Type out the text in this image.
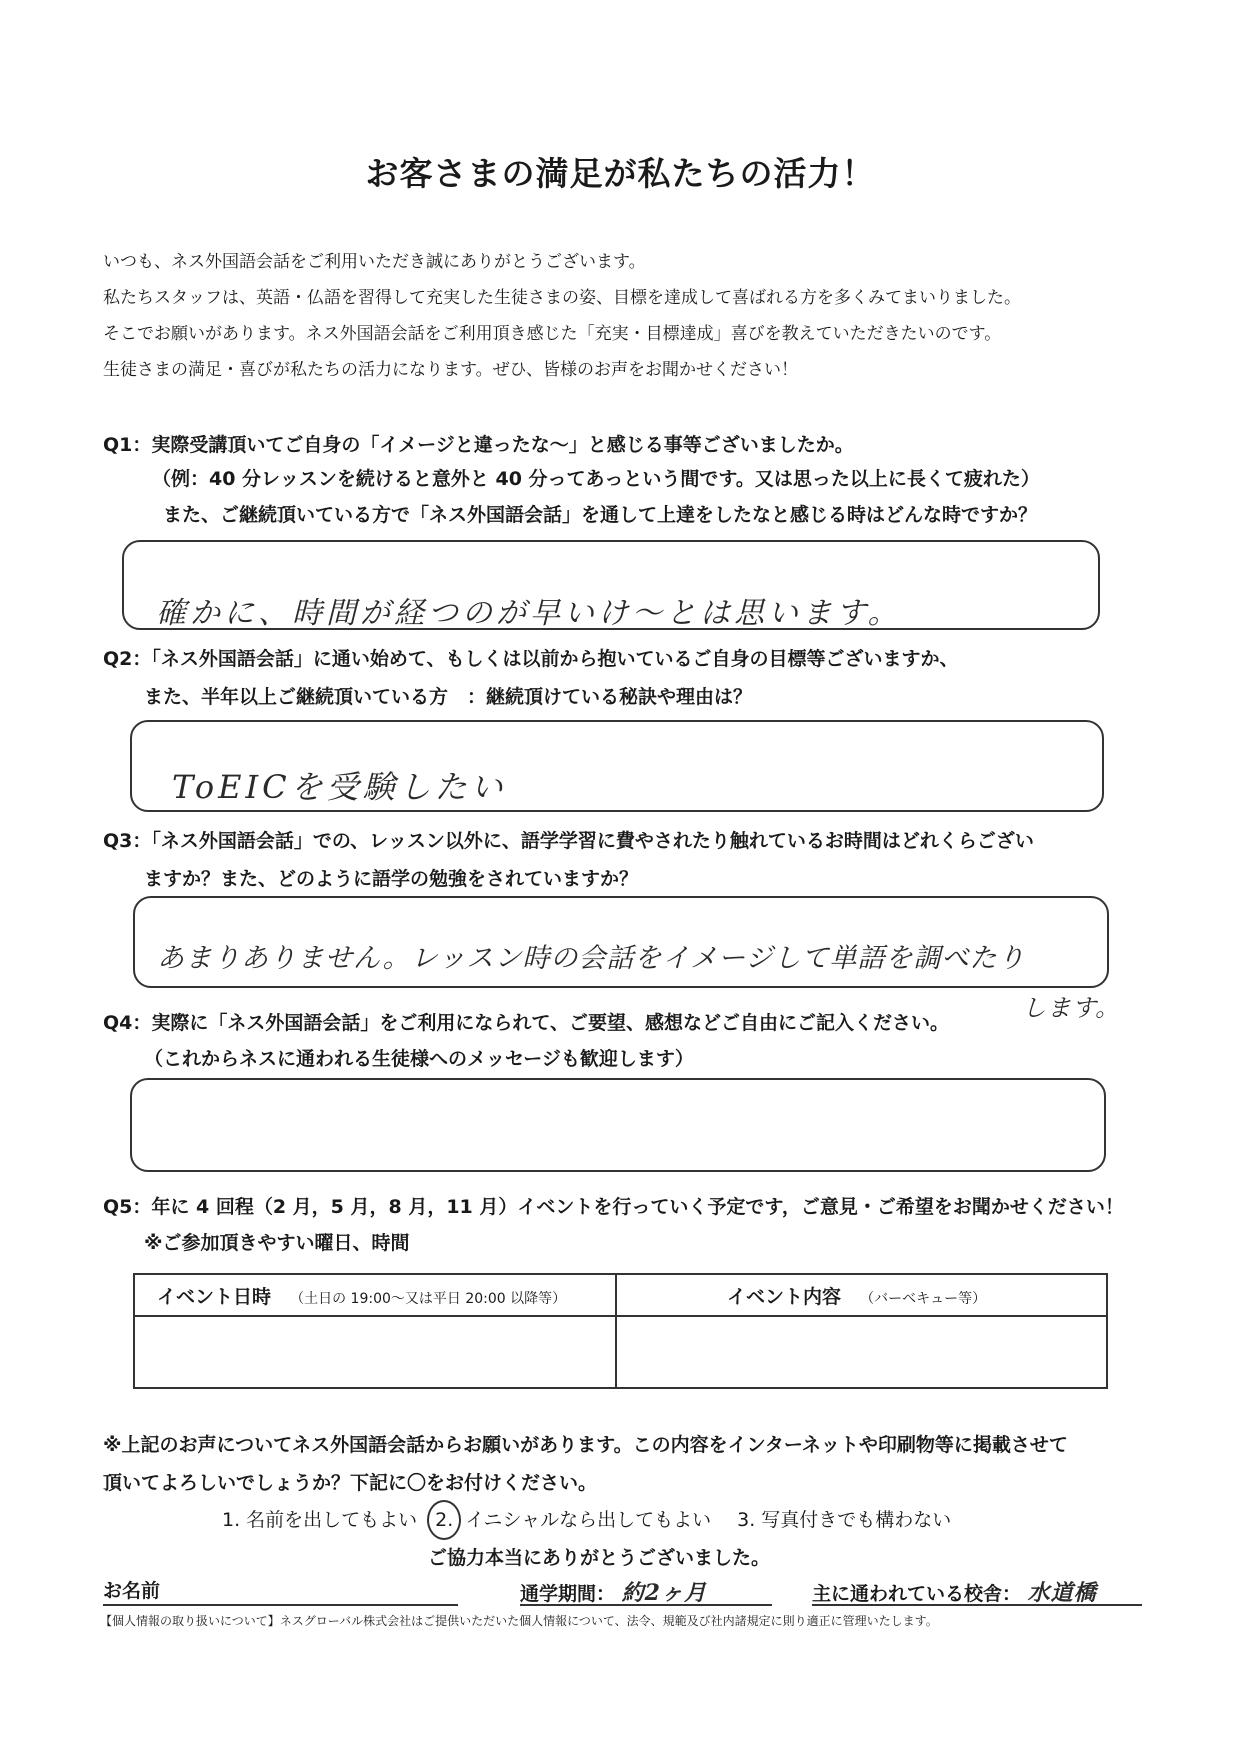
お客さまの満足が私たちの活力！
いつも、ネス外国語会話をご利用いただき誠にありがとうございます。
私たちスタッフは、英語・仏語を習得して充実した生徒さまの姿、目標を達成して喜ばれる方を多くみてまいりました。
そこでお願いがあります。ネス外国語会話をご利用頂き感じた「充実・目標達成」喜びを教えていただきたいのです。
生徒さまの満足・喜びが私たちの活力になります。ぜひ、皆様のお声をお聞かせください！
Q1：実際受講頂いてご自身の「イメージと違ったな～」と感じる事等ございましたか。
（例：40 分レッスンを続けると意外と 40 分ってあっという間です。又は思った以上に長くて疲れた）
また、ご継続頂いている方で「ネス外国語会話」を通して上達をしたなと感じる時はどんな時ですか？
確かに、時間が経つのが早いけ～とは思います。
Q2：「ネス外国語会話」に通い始めて、もしくは以前から抱いているご自身の目標等ございますか、
また、半年以上ご継続頂いている方　：継続頂けている秘訣や理由は？
ToEICを受験したい
Q3：「ネス外国語会話」での、レッスン以外に、語学学習に費やされたり触れているお時間はどれくらござい
ますか？また、どのように語学の勉強をされていますか？
あまりありません。レッスン時の会話をイメージして単語を調べたり
します。
Q4：実際に「ネス外国語会話」をご利用になられて、ご要望、感想などご自由にご記入ください。
（これからネスに通われる生徒様へのメッセージも歓迎します）
Q5：年に 4 回程（2 月，5 月，8 月，11 月）イベントを行っていく予定です，ご意見・ご希望をお聞かせください！
※ご参加頂きやすい曜日、時間
イベント日時 （土日の 19:00～又は平日 20:00 以降等）	イベント内容 （バーベキュー等）

※上記のお声についてネス外国語会話からお願いがあります。この内容をインターネットや印刷物等に掲載させて
頂いてよろしいでしょうか？下記に〇をお付けください。
1. 名前を出してもよい 2. イニシャルなら出してもよい 3. 写真付きでも構わない
ご協力本当にありがとうございました。
お名前	通学期間： 約2ヶ月	主に通われている校舎： 水道橋
【個人情報の取り扱いについて】ネスグローバル株式会社はご提供いただいた個人情報について、法令、規範及び社内諸規定に則り適正に管理いたします。
